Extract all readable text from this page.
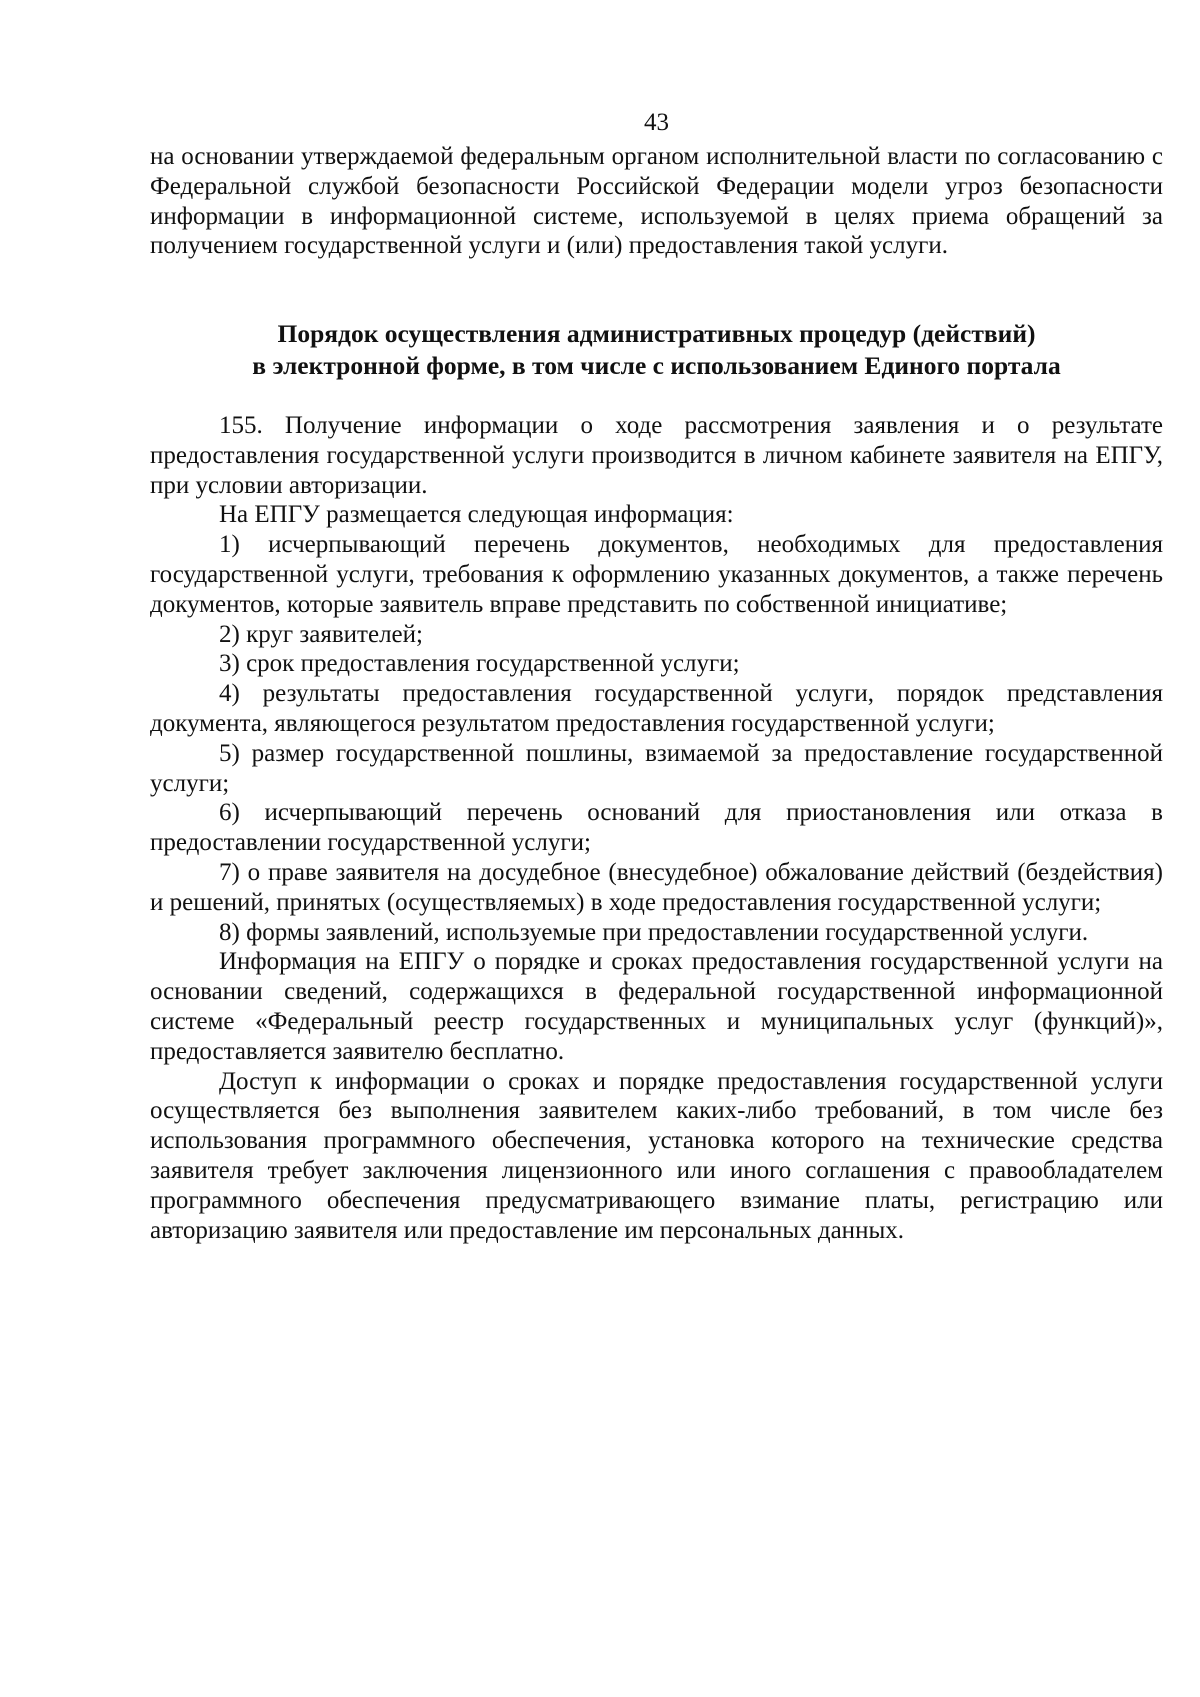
43

на основании утверждаемой федеральным органом исполнительной власти по согласованию с Федеральной службой безопасности Российской Федерации модели угроз безопасности информации в информационной системе, используемой в целях приема обращений за получением государственной услуги и (или) предоставления такой услуги.

Порядок осуществления административных процедур (действий)
в электронной форме, в том числе с использованием Единого портала

155. Получение информации о ходе рассмотрения заявления и о результате предоставления государственной услуги производится в личном кабинете заявителя на ЕПГУ, при условии авторизации.

На ЕПГУ размещается следующая информация:

1) исчерпывающий перечень документов, необходимых для предоставления государственной услуги, требования к оформлению указанных документов, а также перечень документов, которые заявитель вправе представить по собственной инициативе;

2) круг заявителей;

3) срок предоставления государственной услуги;

4) результаты предоставления государственной услуги, порядок представления документа, являющегося результатом предоставления государственной услуги;

5) размер государственной пошлины, взимаемой за предоставление государственной услуги;

6) исчерпывающий перечень оснований для приостановления или отказа в предоставлении государственной услуги;

7) о праве заявителя на досудебное (внесудебное) обжалование действий (бездействия) и решений, принятых (осуществляемых) в ходе предоставления государственной услуги;

8) формы заявлений, используемые при предоставлении государственной услуги.

Информация на ЕПГУ о порядке и сроках предоставления государственной услуги на основании сведений, содержащихся в федеральной государственной информационной системе «Федеральный реестр государственных и муниципальных услуг (функций)», предоставляется заявителю бесплатно.

Доступ к информации о сроках и порядке предоставления государственной услуги осуществляется без выполнения заявителем каких-либо требований, в том числе без использования программного обеспечения, установка которого на технические средства заявителя требует заключения лицензионного или иного соглашения с правообладателем программного обеспечения предусматривающего взимание платы, регистрацию или авторизацию заявителя или предоставление им персональных данных.
